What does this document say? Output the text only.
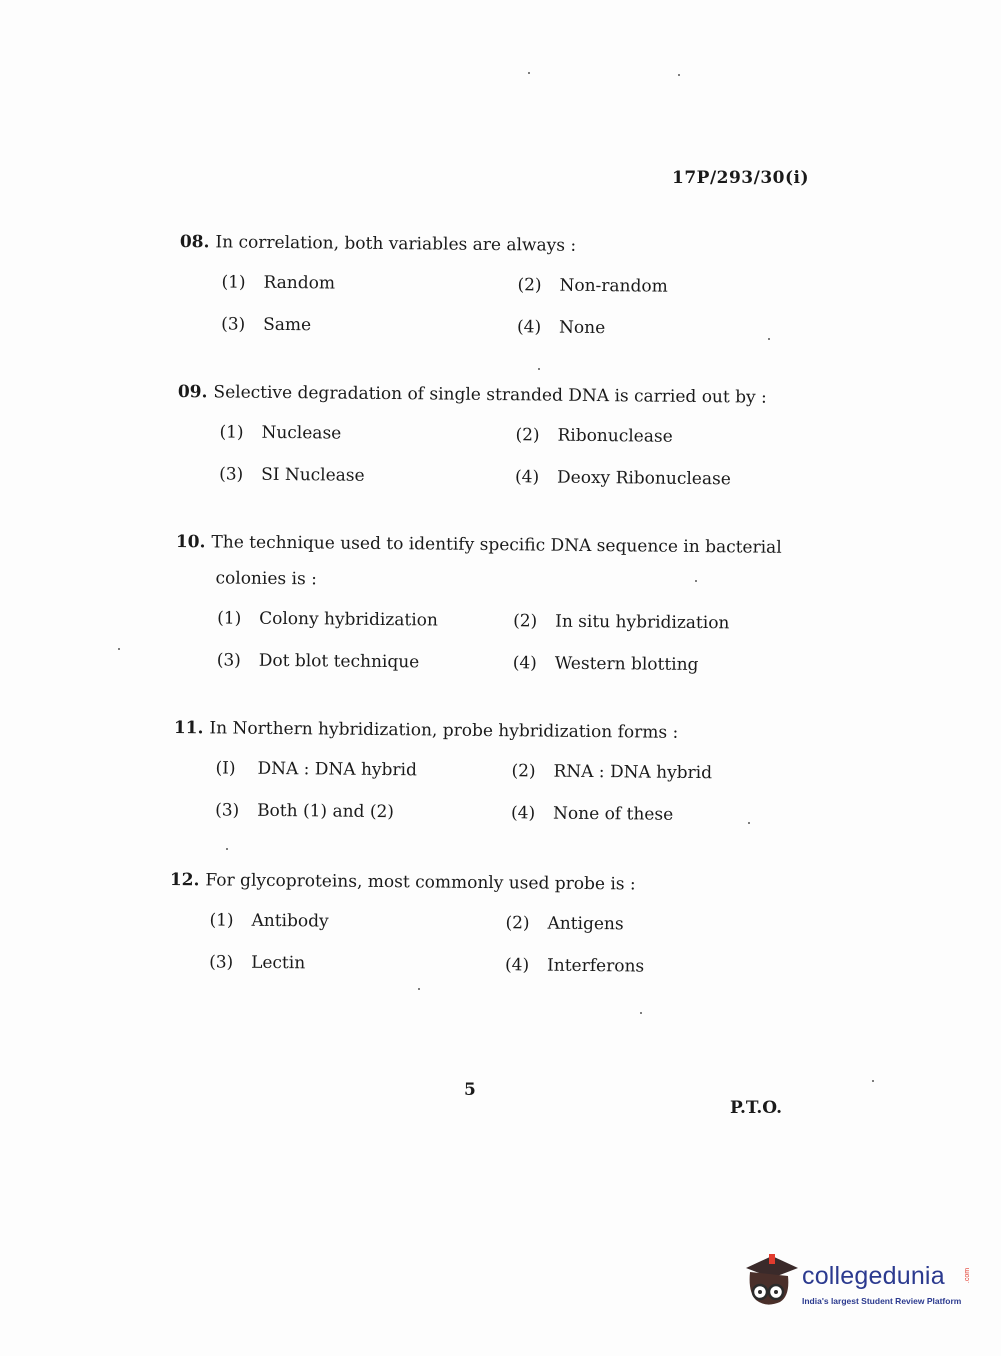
17P/293/30(i)
08. In correlation, both variables are always :
(1) Random	(2) Non-random
(3) Same	(4) None
09. Selective degradation of single stranded DNA is carried out by :
(1) Nuclease	(2) Ribonuclease
(3) SI Nuclease	(4) Deoxy Ribonuclease
10. The technique used to identify specific DNA sequence in bacterial
colonies is :
(1) Colony hybridization	(2) In situ hybridization
(3) Dot blot technique	(4) Western blotting
11. In Northern hybridization, probe hybridization forms :
(I) DNA : DNA hybrid	(2) RNA : DNA hybrid
(3) Both (1) and (2)	(4) None of these
12. For glycoproteins, most commonly used probe is :
(1) Antibody	(2) Antigens
(3) Lectin	(4) Interferons
5
P.T.O.
collegedunia	.com
India's largest Student Review Platform
